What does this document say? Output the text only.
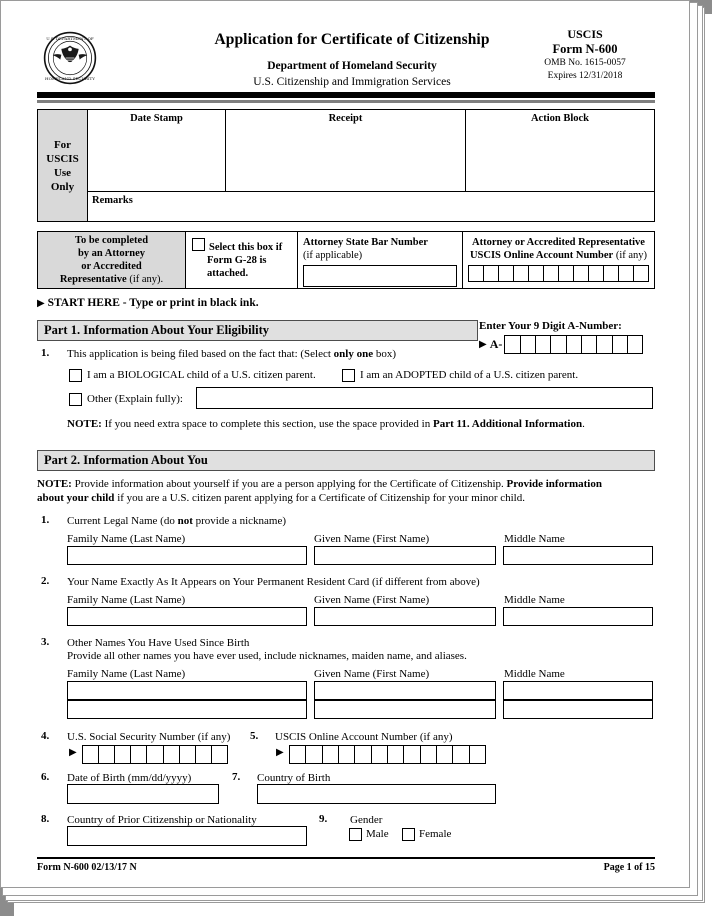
U.S. DEPARTMENT OF
HOMELAND SECURITY
Application for Certificate of Citizenship
Department of Homeland Security
U.S. Citizenship and Immigration Services
USCIS
Form N-600
OMB No. 1615-0057
Expires 12/31/2018
For
USCIS
Use
Only
Date Stamp	Receipt	Action Block
Remarks
To be completed
by an Attorney
or Accredited
Representative (if any).
Select this box if
Form G-28 is
attached.
Attorney State Bar Number
(if applicable)
Attorney or Accredited Representative
USCIS Online Account Number (if any)
▶ START HERE - Type or print in black ink.
Part 1. Information About Your Eligibility	Enter Your 9 Digit A-Number:
▶ A-
1. This application is being filed based on the fact that: (Select only one box)
I am a BIOLOGICAL child of a U.S. citizen parent.	I am an ADOPTED child of a U.S. citizen parent.
Other (Explain fully):
NOTE: If you need extra space to complete this section, use the space provided in Part 11. Additional Information.
Part 2. Information About You
NOTE: Provide information about yourself if you are a person applying for the Certificate of Citizenship. Provide information
about your child if you are a U.S. citizen parent applying for a Certificate of Citizenship for your minor child.
1. Current Legal Name (do not provide a nickname)
Family Name (Last Name)	Given Name (First Name)	Middle Name
2. Your Name Exactly As It Appears on Your Permanent Resident Card (if different from above)
Family Name (Last Name)	Given Name (First Name)	Middle Name
3. Other Names You Have Used Since Birth
Provide all other names you have ever used, include nicknames, maiden name, and aliases.
Family Name (Last Name)	Given Name (First Name)	Middle Name
4. U.S. Social Security Number (if any)
▶
5. USCIS Online Account Number (if any)
▶
6. Date of Birth (mm/dd/yyyy)	7. Country of Birth
8. Country of Prior Citizenship or Nationality	9. Gender
Male	Female
Form N-600 02/13/17 N	Page 1 of 15
